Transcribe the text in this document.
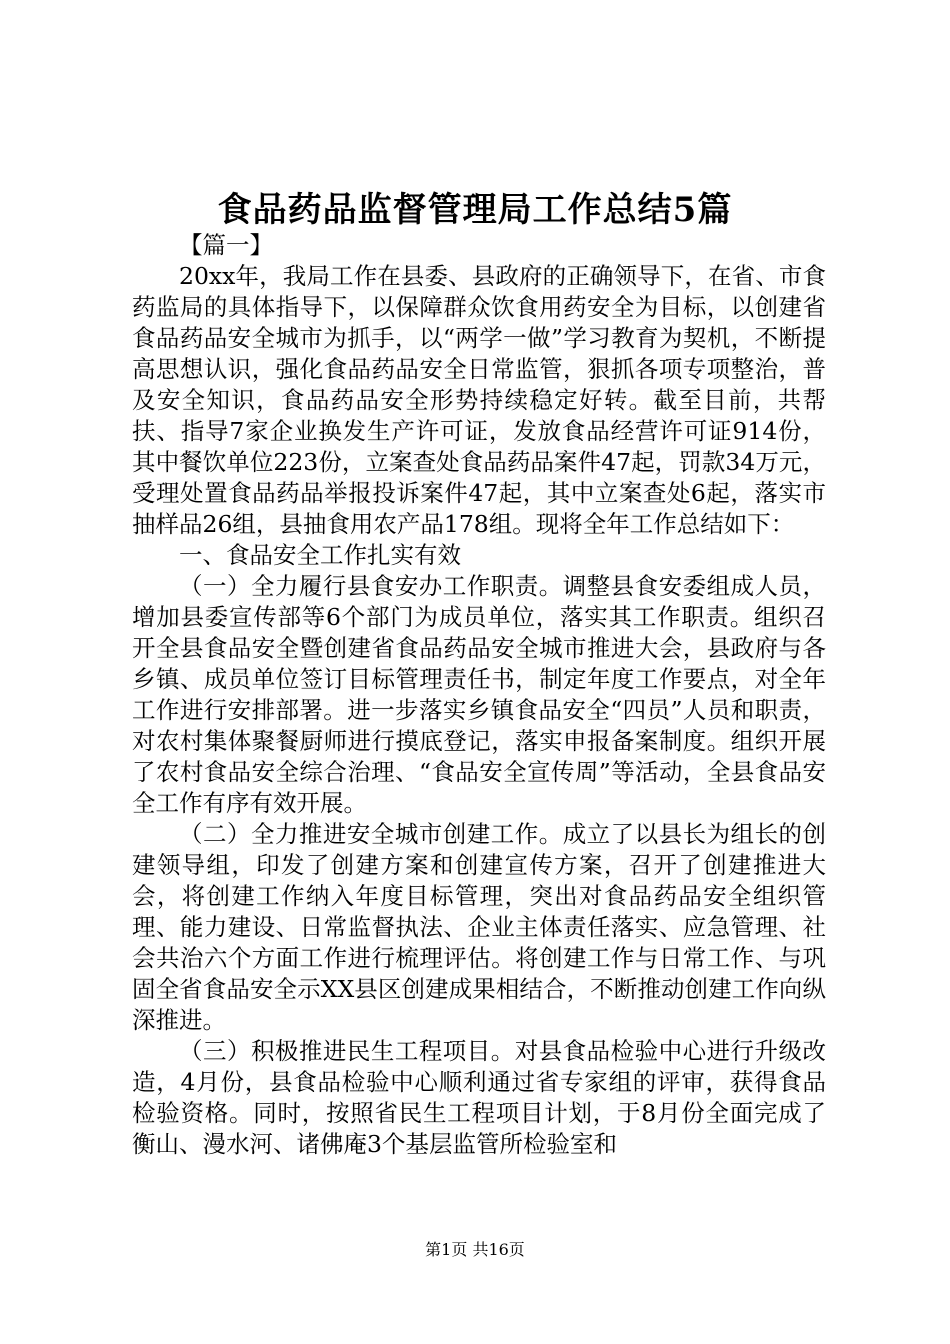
食品药品监督管理局工作总结5篇

【篇一】

20xx年，我局工作在县委、县政府的正确领导下，在省、市食药监局的具体指导下，以保障群众饮食用药安全为目标，以创建省食品药品安全城市为抓手，以“两学一做”学习教育为契机，不断提高思想认识，强化食品药品安全日常监管，狠抓各项专项整治，普及安全知识，食品药品安全形势持续稳定好转。截至目前，共帮扶、指导7家企业换发生产许可证，发放食品经营许可证914份，其中餐饮单位223份，立案查处食品药品案件47起，罚款34万元，受理处置食品药品举报投诉案件47起，其中立案查处6起，落实市抽样品26组，县抽食用农产品178组。现将全年工作总结如下：

一、食品安全工作扎实有效

（一）全力履行县食安办工作职责。调整县食安委组成人员，增加县委宣传部等6个部门为成员单位，落实其工作职责。组织召开全县食品安全暨创建省食品药品安全城市推进大会，县政府与各乡镇、成员单位签订目标管理责任书，制定年度工作要点，对全年工作进行安排部署。进一步落实乡镇食品安全“四员”人员和职责，对农村集体聚餐厨师进行摸底登记，落实申报备案制度。组织开展了农村食品安全综合治理、“食品安全宣传周”等活动，全县食品安全工作有序有效开展。

（二）全力推进安全城市创建工作。成立了以县长为组长的创建领导组，印发了创建方案和创建宣传方案，召开了创建推进大会，将创建工作纳入年度目标管理，突出对食品药品安全组织管理、能力建设、日常监督执法、企业主体责任落实、应急管理、社会共治六个方面工作进行梳理评估。将创建工作与日常工作、与巩固全省食品安全示XX县区创建成果相结合，不断推动创建工作向纵深推进。

（三）积极推进民生工程项目。对县食品检验中心进行升级改造，4月份，县食品检验中心顺利通过省专家组的评审，获得食品检验资格。同时，按照省民生工程项目计划，于8月份全面完成了衡山、漫水河、诸佛庵3个基层监管所检验室和

第1页 共16页
